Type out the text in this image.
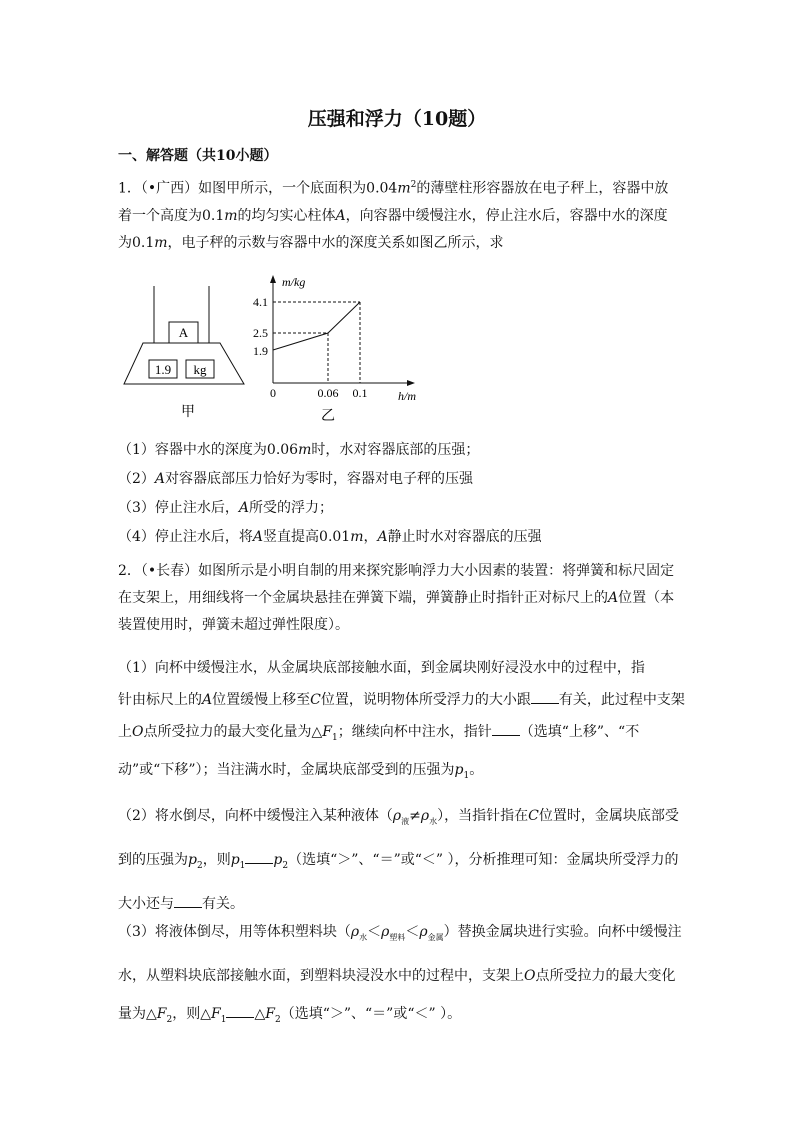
压强和浮力（10题）
一、解答题（共10小题）
1．（•广西）如图甲所示，一个底面积为$0.04m^2$的薄壁柱形容器放在电子秤上，容器中放着一个高度为0.1m的均匀实心柱体A，向容器中缓慢注水，停止注水后，容器中水的深度为0.1m，电子秤的示数与容器中水的深度关系如图乙所示，求
A
1.9 kg
甲
m/kg
h/m
0
4.1
2.5
1.9
0.06 0.1
乙
（1）容器中水的深度为0.06m时，水对容器底部的压强；
（2）A对容器底部压力恰好为零时，容器对电子秤的压强
（3）停止注水后，A所受的浮力；
（4）停止注水后，将A竖直提高0.01m，A静止时水对容器底的压强
2．（•长春）如图所示是小明自制的用来探究影响浮力大小因素的装置：将弹簧和标尺固定在支架上，用细线将一个金属块悬挂在弹簧下端，弹簧静止时指针正对标尺上的A位置（本装置使用时，弹簧未超过弹性限度）。
（1）向杯中缓慢注水，从金属块底部接触水面，到金属块刚好浸没水中的过程中，指
针由标尺上的A位置缓慢上移至C位置，说明物体所受浮力的大小跟 有关，此过程中支架上O点所受拉力的最大变化量为$\triangle F_1$；继续向杯中注水，指针 （选填“上移”、“不动”或“下移”）；当注满水时，金属块底部受到的压强为$p_1$。
（2）将水倒尽，向杯中缓慢注入某种液体$(\rho_液\ne\rho_水)$，当指针指在C位置时，金属块底部受到的压强为$p_2$，则$p_1$ $p_2$（选填“＞”、“＝”或“＜” ），分析推理可知：金属块所受浮力的大小还与 有关。
（3）将液体倒尽，用等体积塑料块$(\rho_水<\rho_{塑料}<\rho_{金属})$替换金属块进行实验。向杯中缓慢注水，从塑料块底部接触水面，到塑料块浸没水中的过程中，支架上O点所受拉力的最大变化量为$\triangle F_2$，则$\triangle F_1$ $\triangle F_2$（选填“＞”、“＝”或“＜” ）。
